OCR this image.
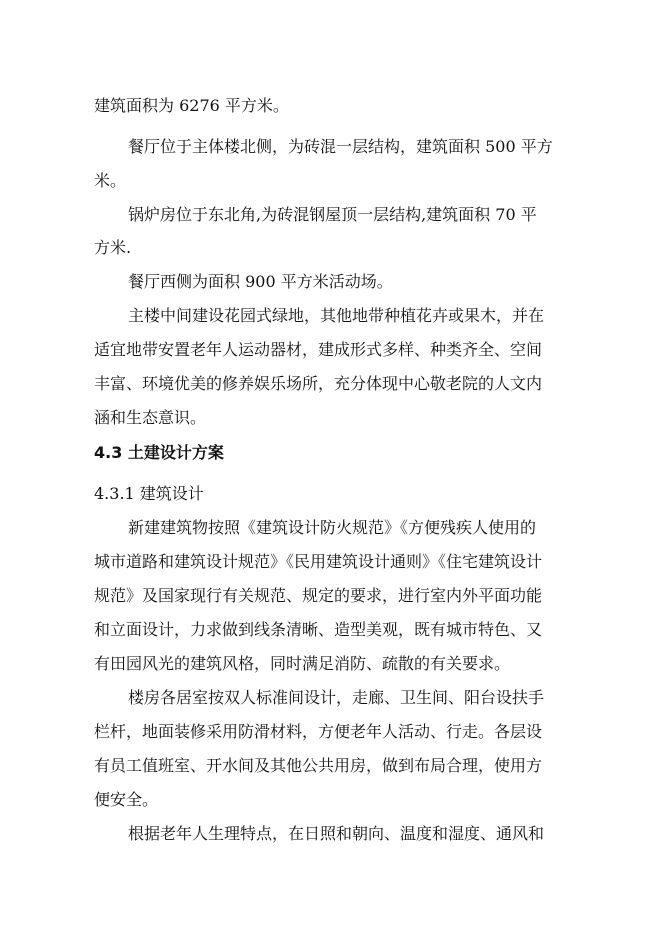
建筑面积为 6276 平方米。
餐厅位于主体楼北侧，为砖混一层结构，建筑面积 500 平方
米。
锅炉房位于东北角,为砖混钢屋顶一层结构,建筑面积 70 平
方米.
餐厅西侧为面积 900 平方米活动场。
主楼中间建设花园式绿地，其他地带种植花卉或果木，并在
适宜地带安置老年人运动器材，建成形式多样、种类齐全、空间
丰富、环境优美的修养娱乐场所，充分体现中心敬老院的人文内
涵和生态意识。
4.3 土建设计方案
4.3.1 建筑设计
新建建筑物按照《建筑设计防火规范》《方便残疾人使用的
城市道路和建筑设计规范》《民用建筑设计通则》《住宅建筑设计
规范》及国家现行有关规范、规定的要求，进行室内外平面功能
和立面设计，力求做到线条清晰、造型美观，既有城市特色、又
有田园风光的建筑风格，同时满足消防、疏散的有关要求。
楼房各居室按双人标准间设计，走廊、卫生间、阳台设扶手
栏杆，地面装修采用防滑材料，方便老年人活动、行走。各层设
有员工值班室、开水间及其他公共用房，做到布局合理，使用方
便安全。
根据老年人生理特点，在日照和朝向、温度和湿度、通风和
